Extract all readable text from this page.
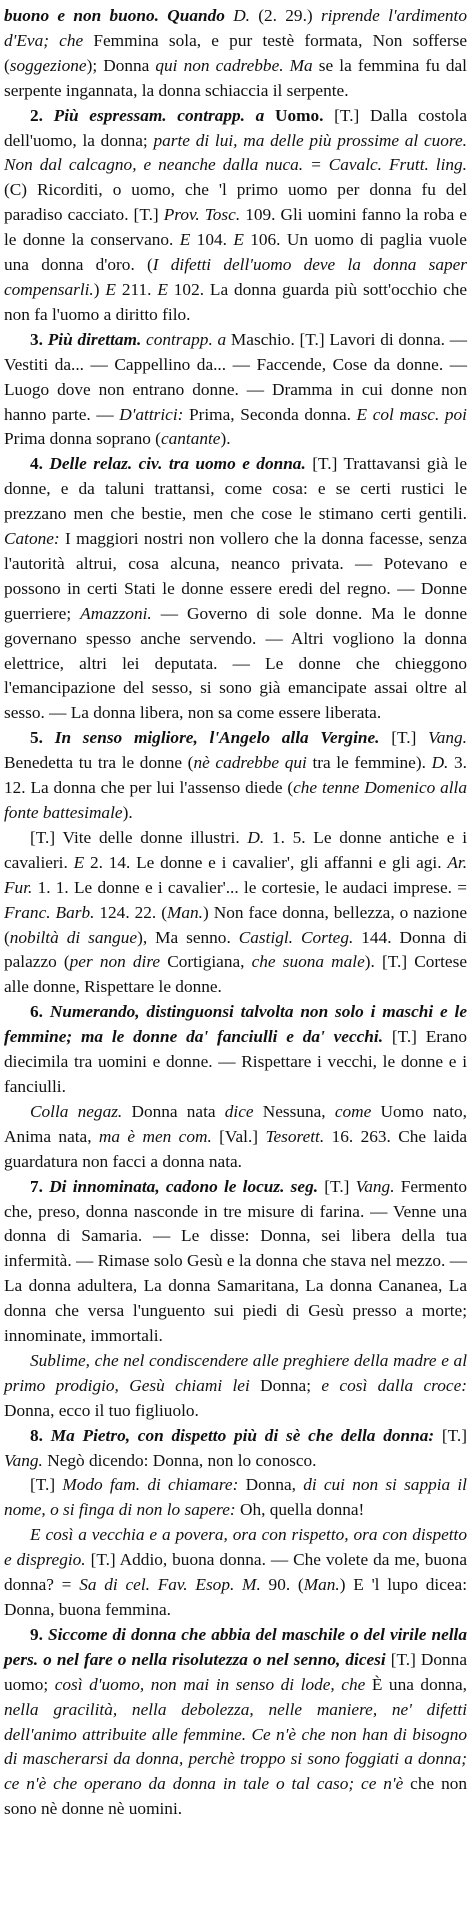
buono e non buono. Quando D. (2. 29.) riprende l'ardimento d'Eva; che Femmina sola, e pur testè formata, Non sofferse (soggezione); Donna qui non cadrebbe. Ma se la femmina fu dal serpente ingannata, la donna schiaccia il serpente.

2. Più espressam. contrapp. a Uomo. [T.] Dalla costola dell'uomo, la donna; parte di lui, ma delle più prossime al cuore. Non dal calcagno, e neanche dalla nuca. = Cavalc. Frutt. ling. (C) Ricorditi, o uomo, che 'l primo uomo per donna fu del paradiso cacciato. [T.] Prov. Tosc. 109. Gli uomini fanno la roba e le donne la conservano. E 104. E 106. Un uomo di paglia vuole una donna d'oro. (I difetti dell'uomo deve la donna saper compensarli.) E 211. E 102. La donna guarda più sott'occhio che non fa l'uomo a diritto filo.

3. Più direttam. contrapp. a Maschio. [T.] Lavori di donna. — Vestiti da... — Cappellino da... — Faccende, Cose da donne. — Luogo dove non entrano donne. — Dramma in cui donne non hanno parte. — D'attrici: Prima, Seconda donna. E col masc. poi Prima donna soprano (cantante).

4. Delle relaz. civ. tra uomo e donna. [T.] Trattavansi già le donne, e da taluni trattansi, come cosa: e se certi rustici le prezzano men che bestie, men che cose le stimano certi gentili. Catone: I maggiori nostri non vollero che la donna facesse, senza l'autorità altrui, cosa alcuna, neanco privata. — Potevano e possono in certi Stati le donne essere eredi del regno. — Donne guerriere; Amazzoni. — Governo di sole donne. Ma le donne governano spesso anche servendo. — Altri vogliono la donna elettrice, altri lei deputata. — Le donne che chieggono l'emancipazione del sesso, si sono già emancipate assai oltre al sesso. — La donna libera, non sa come essere liberata.

5. In senso migliore, l'Angelo alla Vergine. [T.] Vang. Benedetta tu tra le donne (nè cadrebbe qui tra le femmine). D. 3. 12. La donna che per lui l'assenso diede (che tenne Domenico alla fonte battesimale).

[T.] Vite delle donne illustri. D. 1. 5. Le donne antiche e i cavalieri. E 2. 14. Le donne e i cavalier', gli affanni e gli agi. Ar. Fur. 1. 1. Le donne e i cavalier'... le cortesie, le audaci imprese. = Franc. Barb. 124. 22. (Man.) Non face donna, bellezza, o nazione (nobiltà di sangue), Ma senno. Castigl. Corteg. 144. Donna di palazzo (per non dire Cortigiana, che suona male). [T.] Cortese alle donne, Rispettare le donne.

6. Numerando, distinguonsi talvolta non solo i maschi e le femmine; ma le donne da' fanciulli e da' vecchi. [T.] Erano diecimila tra uomini e donne. — Rispettare i vecchi, le donne e i fanciulli.

Colla negaz. Donna nata dice Nessuna, come Uomo nato, Anima nata, ma è men com. [Val.] Tesorett. 16. 263. Che laida guardatura non facci a donna nata.

7. Di innominata, cadono le locuz. seg. [T.] Vang. Fermento che, preso, donna nasconde in tre misure di farina. — Venne una donna di Samaria. — Le disse: Donna, sei libera della tua infermità. — Rimase solo Gesù e la donna che stava nel mezzo. — La donna adultera, La donna Samaritana, La donna Cananea, La donna che versa l'unguento sui piedi di Gesù presso a morte; innominate, immortali.

Sublime, che nel condiscendere alle preghiere della madre e al primo prodigio, Gesù chiami lei Donna; e così dalla croce: Donna, ecco il tuo figliuolo.

8. Ma Pietro, con dispetto più di sè che della donna: [T.] Vang. Negò dicendo: Donna, non lo conosco.

[T.] Modo fam. di chiamare: Donna, di cui non si sappia il nome, o si finga di non lo sapere: Oh, quella donna!

E così a vecchia e a povera, ora con rispetto, ora con dispetto e dispregio. [T.] Addio, buona donna. — Che volete da me, buona donna? = Sa di cel. Fav. Esop. M. 90. (Man.) E 'l lupo dicea: Donna, buona femmina.

9. Siccome di donna che abbia del maschile o del virile nella pers. o nel fare o nella risolutezza o nel senno, dicesi [T.] Donna uomo; così d'uomo, non mai in senso di lode, che È una donna, nella gracilità, nella debolezza, nelle maniere, ne' difetti dell'animo attribuite alle femmine. Ce n'è che non han di bisogno di mascherarsi da donna, perchè troppo si sono foggiati a donna; ce n'è che operano da donna in tale o tal caso; ce n'è che non sono nè donne nè uomini.
